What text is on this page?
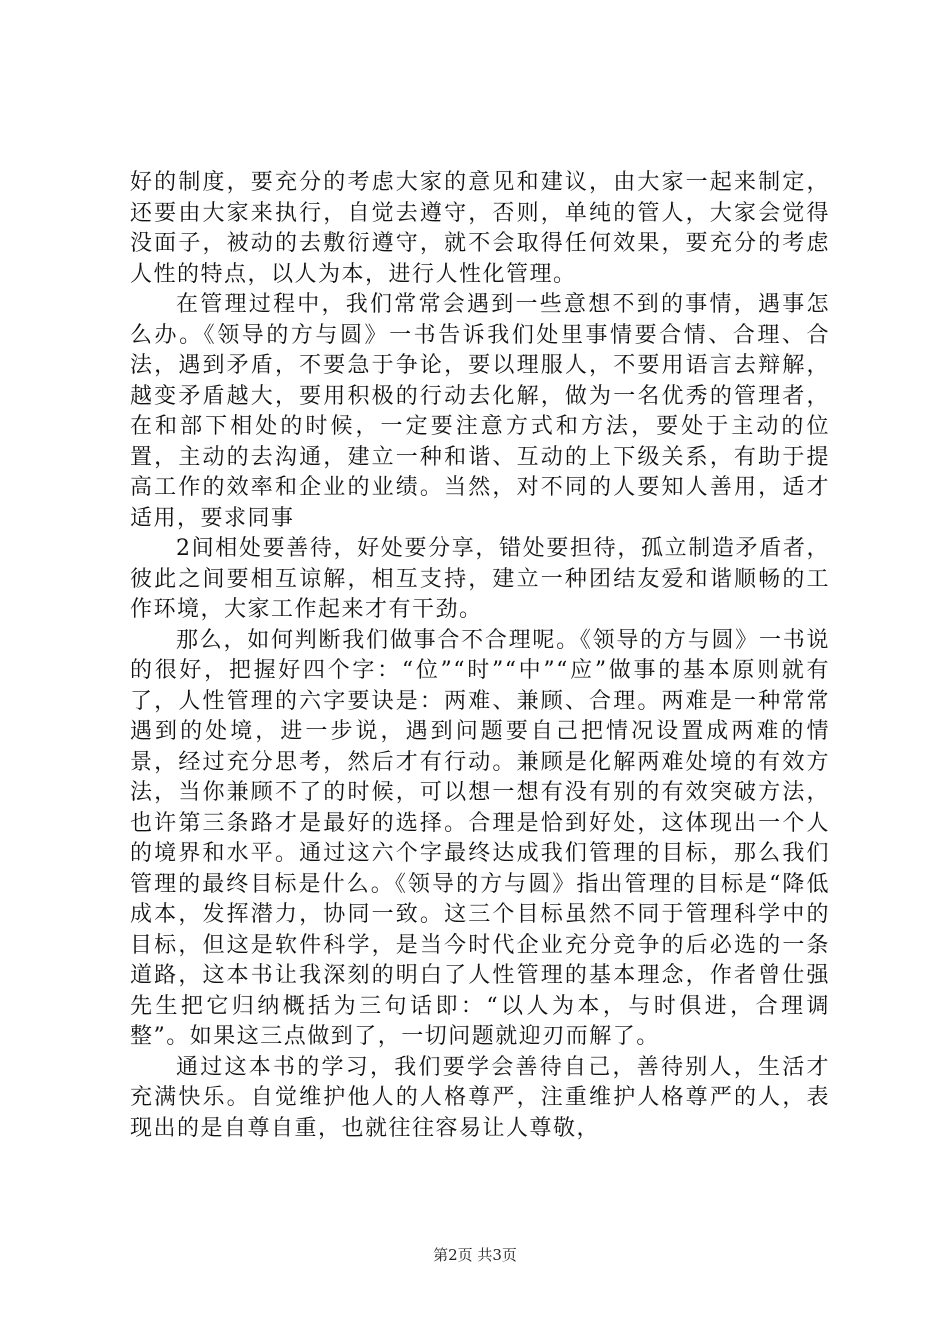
好的制度，要充分的考虑大家的意见和建议，由大家一起来制定，还要由大家来执行，自觉去遵守，否则，单纯的管人，大家会觉得没面子，被动的去敷衍遵守，就不会取得任何效果，要充分的考虑人性的特点，以人为本，进行人性化管理。

在管理过程中，我们常常会遇到一些意想不到的事情，遇事怎么办。《领导的方与圆》一书告诉我们处里事情要合情、合理、合法，遇到矛盾，不要急于争论，要以理服人，不要用语言去辩解，越变矛盾越大，要用积极的行动去化解，做为一名优秀的管理者，在和部下相处的时候，一定要注意方式和方法，要处于主动的位置，主动的去沟通，建立一种和谐、互动的上下级关系，有助于提高工作的效率和企业的业绩。当然，对不同的人要知人善用，适才适用，要求同事

2间相处要善待，好处要分享，错处要担待，孤立制造矛盾者，彼此之间要相互谅解，相互支持，建立一种团结友爱和谐顺畅的工作环境，大家工作起来才有干劲。

那么，如何判断我们做事合不合理呢。《领导的方与圆》一书说的很好，把握好四个字：“位”“时”“中”“应”做事的基本原则就有了，人性管理的六字要诀是：两难、兼顾、合理。两难是一种常常遇到的处境，进一步说，遇到问题要自己把情况设置成两难的情景，经过充分思考，然后才有行动。兼顾是化解两难处境的有效方法，当你兼顾不了的时候，可以想一想有没有别的有效突破方法，也许第三条路才是最好的选择。合理是恰到好处，这体现出一个人的境界和水平。通过这六个字最终达成我们管理的目标，那么我们管理的最终目标是什么。《领导的方与圆》指出管理的目标是“降低成本，发挥潜力，协同一致。这三个目标虽然不同于管理科学中的目标，但这是软件科学，是当今时代企业充分竞争的后必选的一条道路，这本书让我深刻的明白了人性管理的基本理念，作者曾仕强先生把它归纳概括为三句话即：“以人为本，与时俱进，合理调整”。如果这三点做到了，一切问题就迎刃而解了。

通过这本书的学习，我们要学会善待自己，善待别人，生活才充满快乐。自觉维护他人的人格尊严，注重维护人格尊严的人，表现出的是自尊自重，也就往往容易让人尊敬，

第2页 共3页
